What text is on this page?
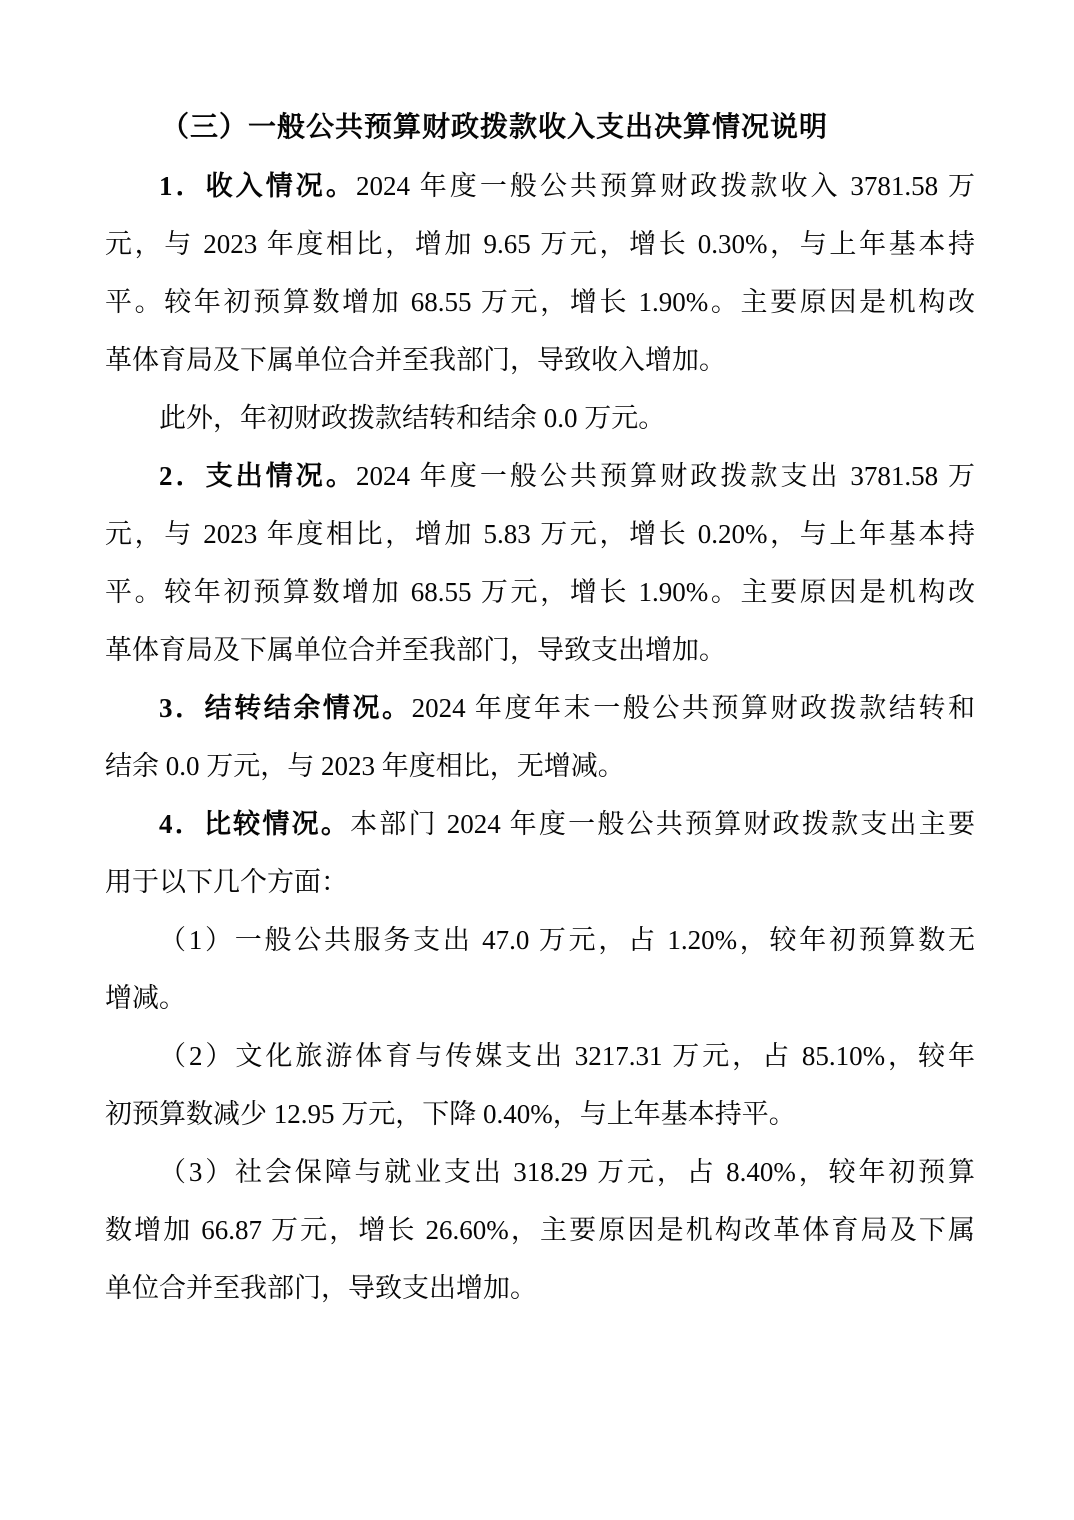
（三）一般公共预算财政拨款收入支出决算情况说明
1．收入情况。2024 年度一般公共预算财政拨款收入 3781.58 万
元，与 2023 年度相比，增加 9.65 万元，增长 0.30%，与上年基本持
平。较年初预算数增加 68.55 万元，增长 1.90%。主要原因是机构改
革体育局及下属单位合并至我部门，导致收入增加。
此外，年初财政拨款结转和结余 0.0 万元。
2．支出情况。2024 年度一般公共预算财政拨款支出 3781.58 万
元，与 2023 年度相比，增加 5.83 万元，增长 0.20%，与上年基本持
平。较年初预算数增加 68.55 万元，增长 1.90%。主要原因是机构改
革体育局及下属单位合并至我部门，导致支出增加。
3．结转结余情况。2024 年度年末一般公共预算财政拨款结转和
结余 0.0 万元，与 2023 年度相比，无增减。
4．比较情况。本部门 2024 年度一般公共预算财政拨款支出主要
用于以下几个方面：
（1）一般公共服务支出 47.0 万元，占 1.20%，较年初预算数无
增减。
（2）文化旅游体育与传媒支出 3217.31 万元，占 85.10%，较年
初预算数减少 12.95 万元，下降 0.40%，与上年基本持平。
（3）社会保障与就业支出 318.29 万元，占 8.40%，较年初预算
数增加 66.87 万元，增长 26.60%，主要原因是机构改革体育局及下属
单位合并至我部门，导致支出增加。
